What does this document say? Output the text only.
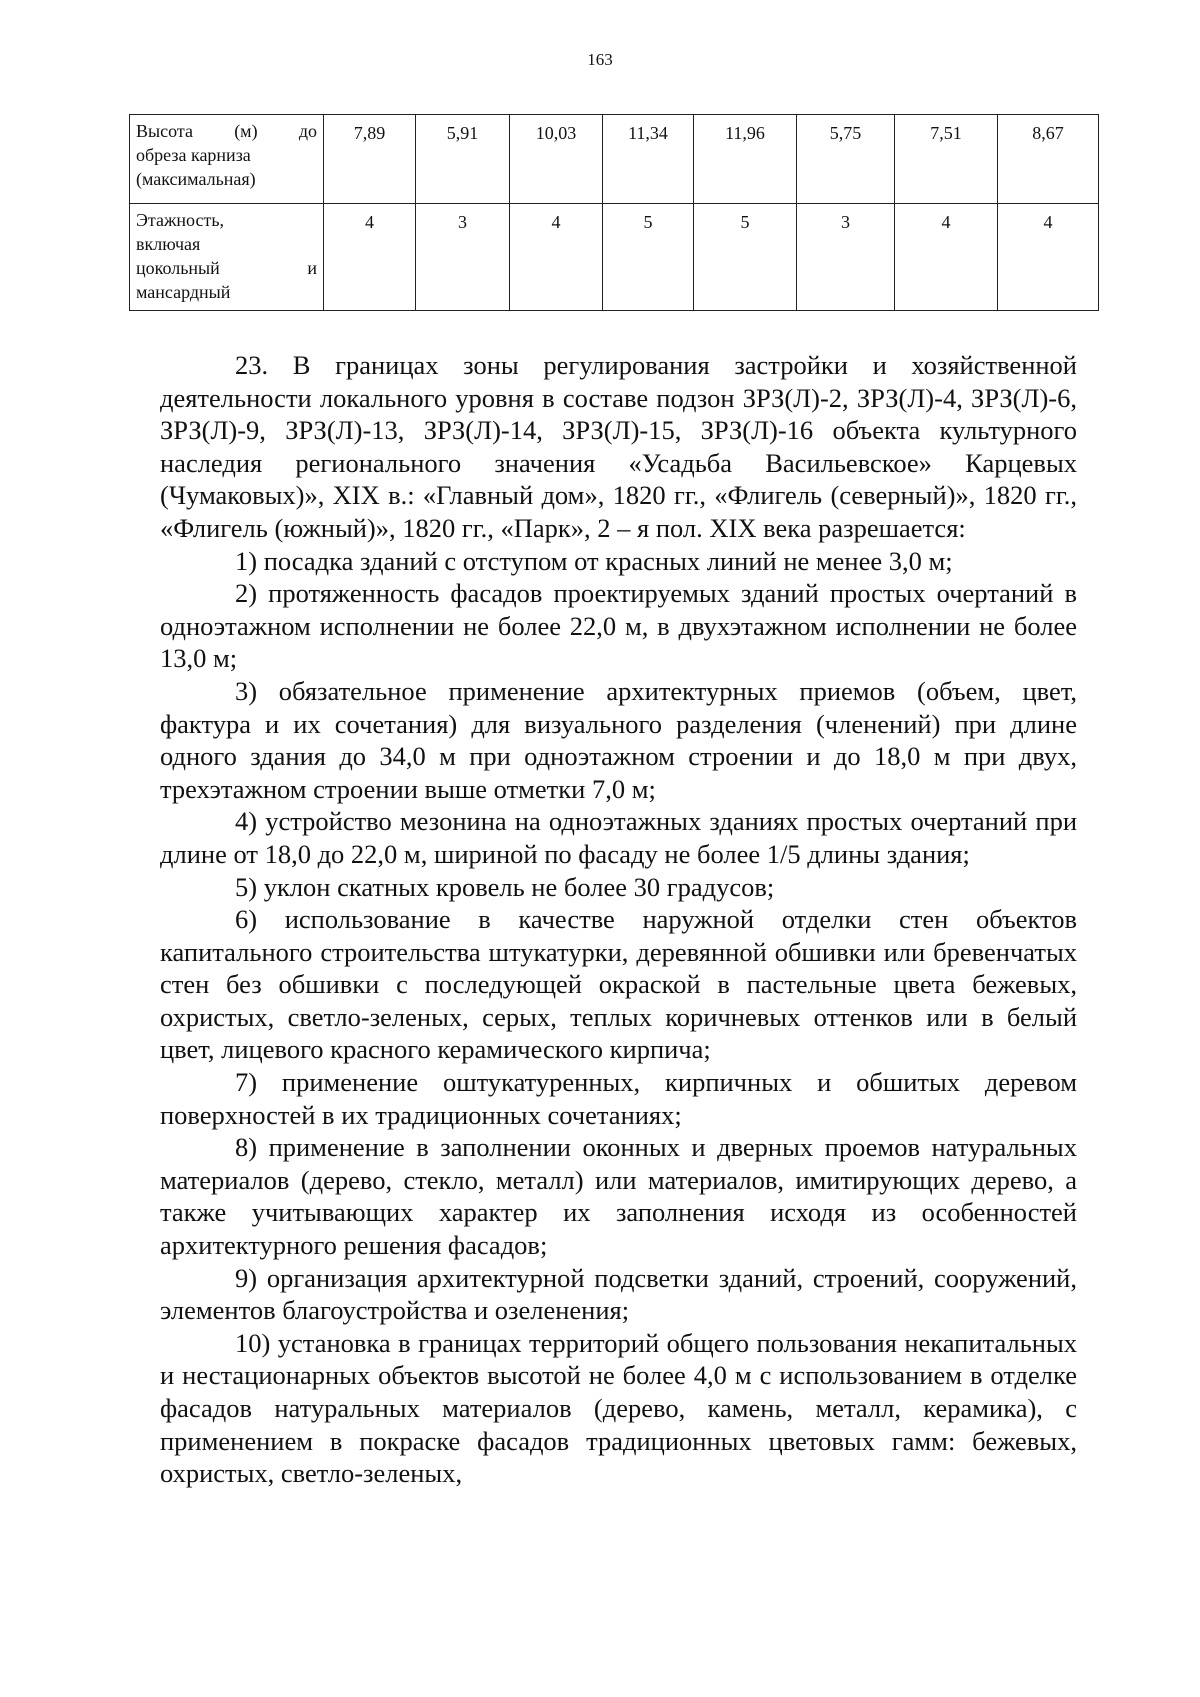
163
Высота (м) до
обреза карниза
(максимальная)	7,89	5,91	10,03	11,34	11,96	5,75	7,51	8,67

Этажность,
включая
цокольный и
мансардный	4	3	4	5	5	3	4	4

23. В границах зоны регулирования застройки и хозяйственной деятельности локального уровня в составе подзон ЗРЗ(Л)-2, ЗРЗ(Л)-4, ЗРЗ(Л)-6, ЗРЗ(Л)-9, ЗРЗ(Л)-13, ЗРЗ(Л)-14, ЗРЗ(Л)-15, ЗРЗ(Л)-16 объекта культурного наследия регионального значения «Усадьба Васильевское» Карцевых (Чумаковых)», XIX в.: «Главный дом», 1820 гг., «Флигель (северный)», 1820 гг., «Флигель (южный)», 1820 гг., «Парк», 2 – я пол. XIX века разрешается:

1) посадка зданий с отступом от красных линий не менее 3,0 м;

2) протяженность фасадов проектируемых зданий простых очертаний в одноэтажном исполнении не более 22,0 м, в двухэтажном исполнении не более 13,0 м;

3) обязательное применение архитектурных приемов (объем, цвет, фактура и их сочетания) для визуального разделения (членений) при длине одного здания до 34,0 м при одноэтажном строении и до 18,0 м при двух, трехэтажном строении выше отметки 7,0 м;

4) устройство мезонина на одноэтажных зданиях простых очертаний при длине от 18,0 до 22,0 м, шириной по фасаду не более 1/5 длины здания;

5) уклон скатных кровель не более 30 градусов;

6) использование в качестве наружной отделки стен объектов капитального строительства штукатурки, деревянной обшивки или бревенчатых стен без обшивки с последующей окраской в пастельные цвета бежевых, охристых, светло-зеленых, серых, теплых коричневых оттенков или в белый цвет, лицевого красного керамического кирпича;

7) применение оштукатуренных, кирпичных и обшитых деревом поверхностей в их традиционных сочетаниях;

8) применение в заполнении оконных и дверных проемов натуральных материалов (дерево, стекло, металл) или материалов, имитирующих дерево, а также учитывающих характер их заполнения исходя из особенностей архитектурного решения фасадов;

9) организация архитектурной подсветки зданий, строений, сооружений, элементов благоустройства и озеленения;

10) установка в границах территорий общего пользования некапитальных и нестационарных объектов высотой не более 4,0 м с использованием в отделке фасадов натуральных материалов (дерево, камень, металл, керамика), с применением в покраске фасадов традиционных цветовых гамм: бежевых, охристых, светло-зеленых,
